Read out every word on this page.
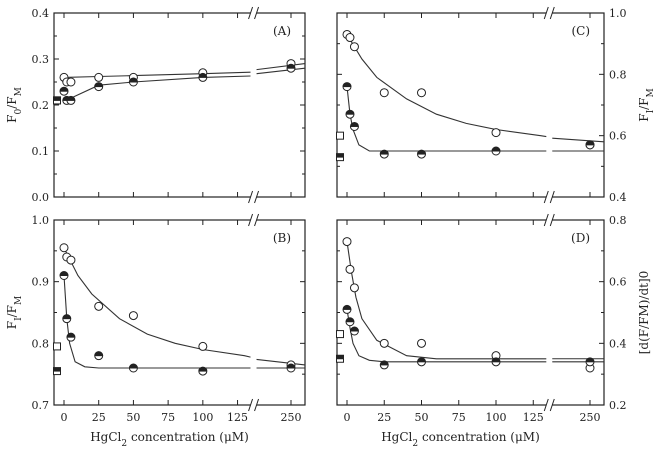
0.0
0.1
0.2
0.3
0.4
(A)
$F_0/F_M$
0.4
0.6
0.8
1.0
(C)
$F_I/F_M$
0.7
0.8
0.9
1.0
0 25 50 75 100 125	250
(B)
$F_I/F_M$
HgCl$_2$ concentration (μM)
0.2
0.4
0.6
0.8
0 25 50 75 100 125	250
(D)
[d(F/FM)/dt]0
HgCl$_2$ concentration (μM)
